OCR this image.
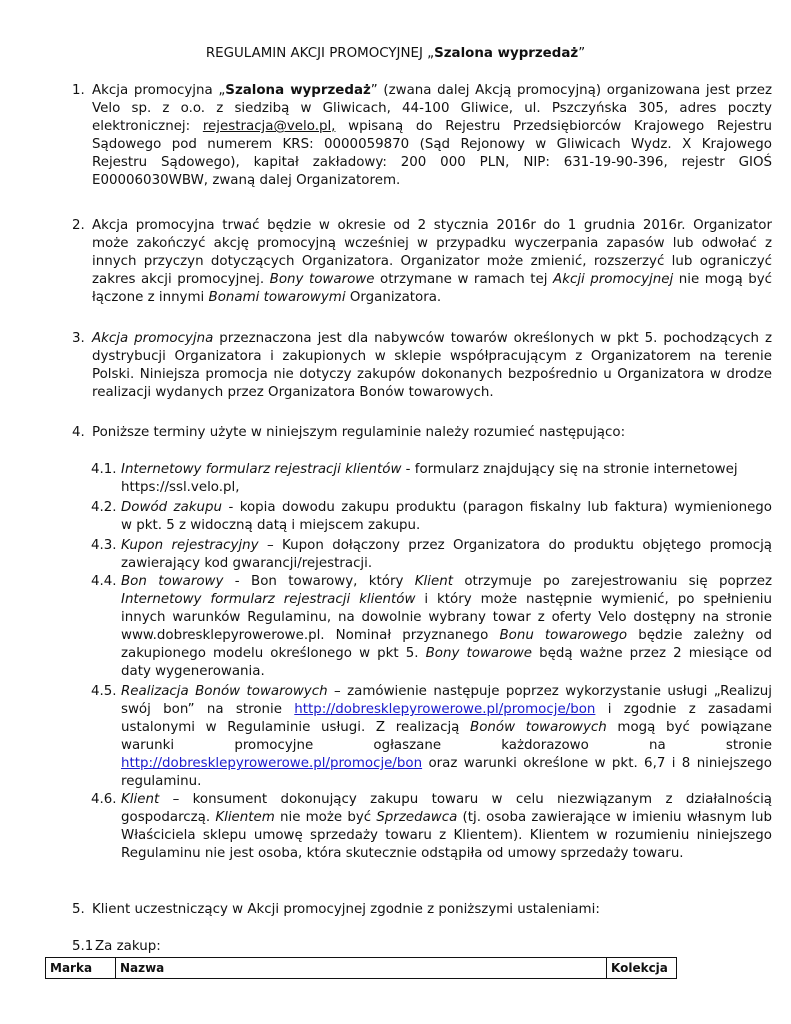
REGULAMIN AKCJI PROMOCYJNEJ „Szalona wyprzedaż”
1. Akcja promocyjna „Szalona wyprzedaż” (zwana dalej Akcją promocyjną) organizowana jest przez
Velo sp. z o.o. z siedzibą w Gliwicach, 44-100 Gliwice, ul. Pszczyńska 305, adres poczty
elektronicznej: rejestracja@velo.pl, wpisaną do Rejestru Przedsiębiorców Krajowego Rejestru
Sądowego pod numerem KRS: 0000059870 (Sąd Rejonowy w Gliwicach Wydz. X Krajowego
Rejestru Sądowego), kapitał zakładowy: 200 000 PLN, NIP: 631-19-90-396, rejestr GIOŚ
E00006030WBW, zwaną dalej Organizatorem.
2. Akcja promocyjna trwać będzie w okresie od 2 stycznia 2016r do 1 grudnia 2016r. Organizator
może zakończyć akcję promocyjną wcześniej w przypadku wyczerpania zapasów lub odwołać z
innych przyczyn dotyczących Organizatora. Organizator może zmienić, rozszerzyć lub ograniczyć
zakres akcji promocyjnej. Bony towarowe otrzymane w ramach tej Akcji promocyjnej nie mogą być
łączone z innymi Bonami towarowymi Organizatora.
3. Akcja promocyjna przeznaczona jest dla nabywców towarów określonych w pkt 5. pochodzących z
dystrybucji Organizatora i zakupionych w sklepie współpracującym z Organizatorem na terenie
Polski. Niniejsza promocja nie dotyczy zakupów dokonanych bezpośrednio u Organizatora w drodze
realizacji wydanych przez Organizatora Bonów towarowych.
4. Poniższe terminy użyte w niniejszym regulaminie należy rozumieć następująco:
4.1. Internetowy formularz rejestracji klientów - formularz znajdujący się na stronie internetowej
https://ssl.velo.pl,
4.2. Dowód zakupu - kopia dowodu zakupu produktu (paragon fiskalny lub faktura) wymienionego
w pkt. 5 z widoczną datą i miejscem zakupu.
4.3. Kupon rejestracyjny – Kupon dołączony przez Organizatora do produktu objętego promocją
zawierający kod gwarancji/rejestracji.
4.4. Bon towarowy - Bon towarowy, który Klient otrzymuje po zarejestrowaniu się poprzez
Internetowy formularz rejestracji klientów i który może następnie wymienić, po spełnieniu
innych warunków Regulaminu, na dowolnie wybrany towar z oferty Velo dostępny na stronie
www.dobresklepyrowerowe.pl. Nominał przyznanego Bonu towarowego będzie zależny od
zakupionego modelu określonego w pkt 5. Bony towarowe będą ważne przez 2 miesiące od
daty wygenerowania.
4.5. Realizacja Bonów towarowych – zamówienie następuje poprzez wykorzystanie usługi „Realizuj
swój bon” na stronie http://dobresklepyrowerowe.pl/promocje/bon i zgodnie z zasadami
ustalonymi w Regulaminie usługi. Z realizacją Bonów towarowych mogą być powiązane
warunki promocyjne ogłaszane każdorazowo na stronie
http://dobresklepyrowerowe.pl/promocje/bon oraz warunki określone w pkt. 6,7 i 8 niniejszego
regulaminu.
4.6. Klient – konsument dokonujący zakupu towaru w celu niezwiązanym z działalnością
gospodarczą. Klientem nie może być Sprzedawca (tj. osoba zawierające w imieniu własnym lub
Właściciela sklepu umowę sprzedaży towaru z Klientem). Klientem w rozumieniu niniejszego
Regulaminu nie jest osoba, która skutecznie odstąpiła od umowy sprzedaży towaru.
5. Klient uczestniczący w Akcji promocyjnej zgodnie z poniższymi ustaleniami:
5.1 Za zakup:
Marka	Nazwa	Kolekcja
